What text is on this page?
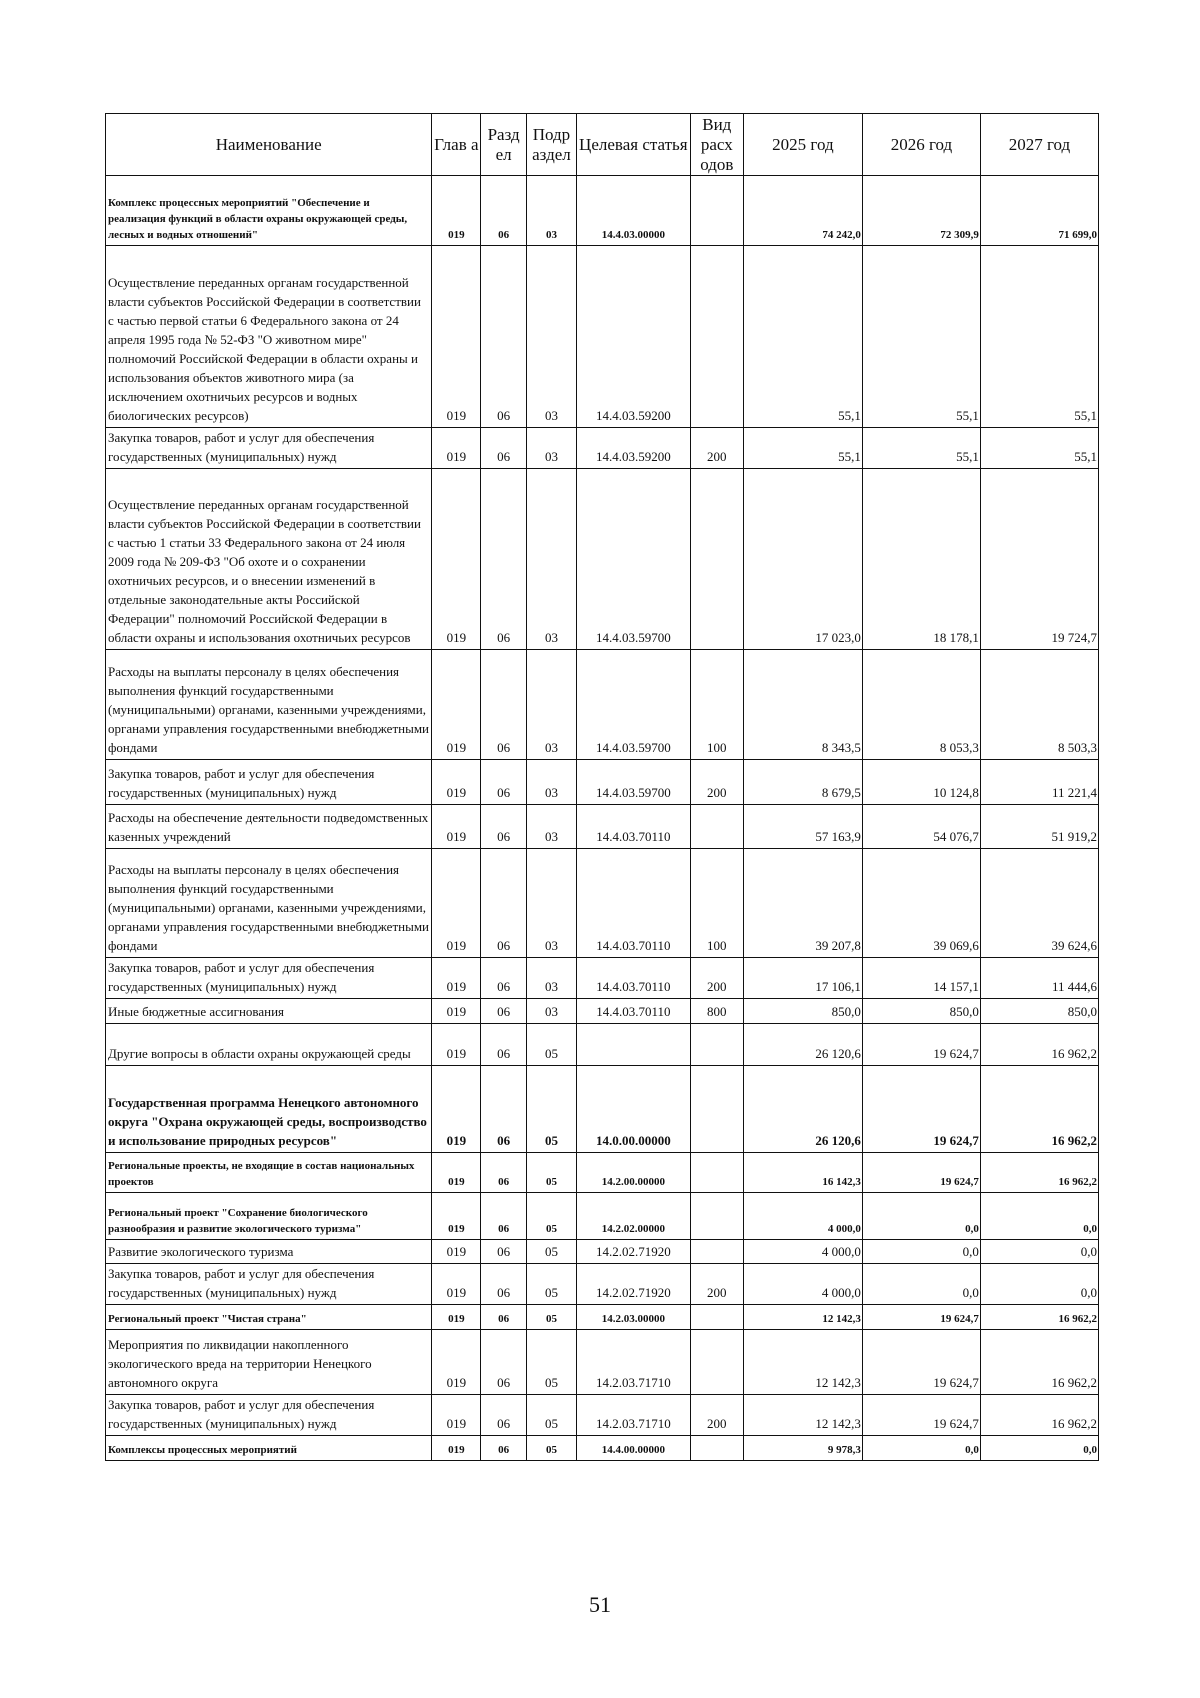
Наименование	Глав а	Разд ел	Подр аздел	Целевая статья	Вид расх одов	2025 год	2026 год	2027 год
Комплекс процессных мероприятий "Обеспечение и реализация функций в области охраны окружающей среды, лесных и водных отношений"	019	06	03	14.4.03.00000		74 242,0	72 309,9	71 699,0
Осуществление переданных органам государственной власти субъектов Российской Федерации в соответствии с частью первой статьи 6 Федерального закона от 24 апреля 1995 года № 52-ФЗ "О животном мире" полномочий Российской Федерации в области охраны и использования объектов животного мира (за исключением охотничьих ресурсов и водных биологических ресурсов)	019	06	03	14.4.03.59200		55,1	55,1	55,1
Закупка товаров, работ и услуг для обеспечения государственных (муниципальных) нужд	019	06	03	14.4.03.59200	200	55,1	55,1	55,1
Осуществление переданных органам государственной власти субъектов Российской Федерации в соответствии с частью 1 статьи 33 Федерального закона от 24 июля 2009 года № 209-ФЗ "Об охоте и о сохранении охотничьих ресурсов, и о внесении изменений в отдельные законодательные акты Российской Федерации" полномочий Российской Федерации в области охраны и использования охотничьих ресурсов	019	06	03	14.4.03.59700		17 023,0	18 178,1	19 724,7
Расходы на выплаты персоналу в целях обеспечения выполнения функций государственными (муниципальными) органами, казенными учреждениями, органами управления государственными внебюджетными фондами	019	06	03	14.4.03.59700	100	8 343,5	8 053,3	8 503,3
Закупка товаров, работ и услуг для обеспечения государственных (муниципальных) нужд	019	06	03	14.4.03.59700	200	8 679,5	10 124,8	11 221,4
Расходы на обеспечение деятельности подведомственных казенных учреждений	019	06	03	14.4.03.70110		57 163,9	54 076,7	51 919,2
Расходы на выплаты персоналу в целях обеспечения выполнения функций государственными (муниципальными) органами, казенными учреждениями, органами управления государственными внебюджетными фондами	019	06	03	14.4.03.70110	100	39 207,8	39 069,6	39 624,6
Закупка товаров, работ и услуг для обеспечения государственных (муниципальных) нужд	019	06	03	14.4.03.70110	200	17 106,1	14 157,1	11 444,6
Иные бюджетные ассигнования	019	06	03	14.4.03.70110	800	850,0	850,0	850,0
Другие вопросы в области охраны окружающей среды	019	06	05			26 120,6	19 624,7	16 962,2
Государственная программа Ненецкого автономного округа "Охрана окружающей среды, воспроизводство и использование природных ресурсов"	019	06	05	14.0.00.00000		26 120,6	19 624,7	16 962,2
Региональные проекты, не входящие в состав национальных проектов	019	06	05	14.2.00.00000		16 142,3	19 624,7	16 962,2
Региональный проект "Сохранение биологического разнообразия и развитие экологического туризма"	019	06	05	14.2.02.00000		4 000,0	0,0	0,0
Развитие экологического туризма	019	06	05	14.2.02.71920		4 000,0	0,0	0,0
Закупка товаров, работ и услуг для обеспечения государственных (муниципальных) нужд	019	06	05	14.2.02.71920	200	4 000,0	0,0	0,0
Региональный проект "Чистая страна"	019	06	05	14.2.03.00000		12 142,3	19 624,7	16 962,2
Мероприятия по ликвидации накопленного экологического вреда на территории Ненецкого автономного округа	019	06	05	14.2.03.71710		12 142,3	19 624,7	16 962,2
Закупка товаров, работ и услуг для обеспечения государственных (муниципальных) нужд	019	06	05	14.2.03.71710	200	12 142,3	19 624,7	16 962,2
Комплексы процессных мероприятий	019	06	05	14.4.00.00000		9 978,3	0,0	0,0
51
